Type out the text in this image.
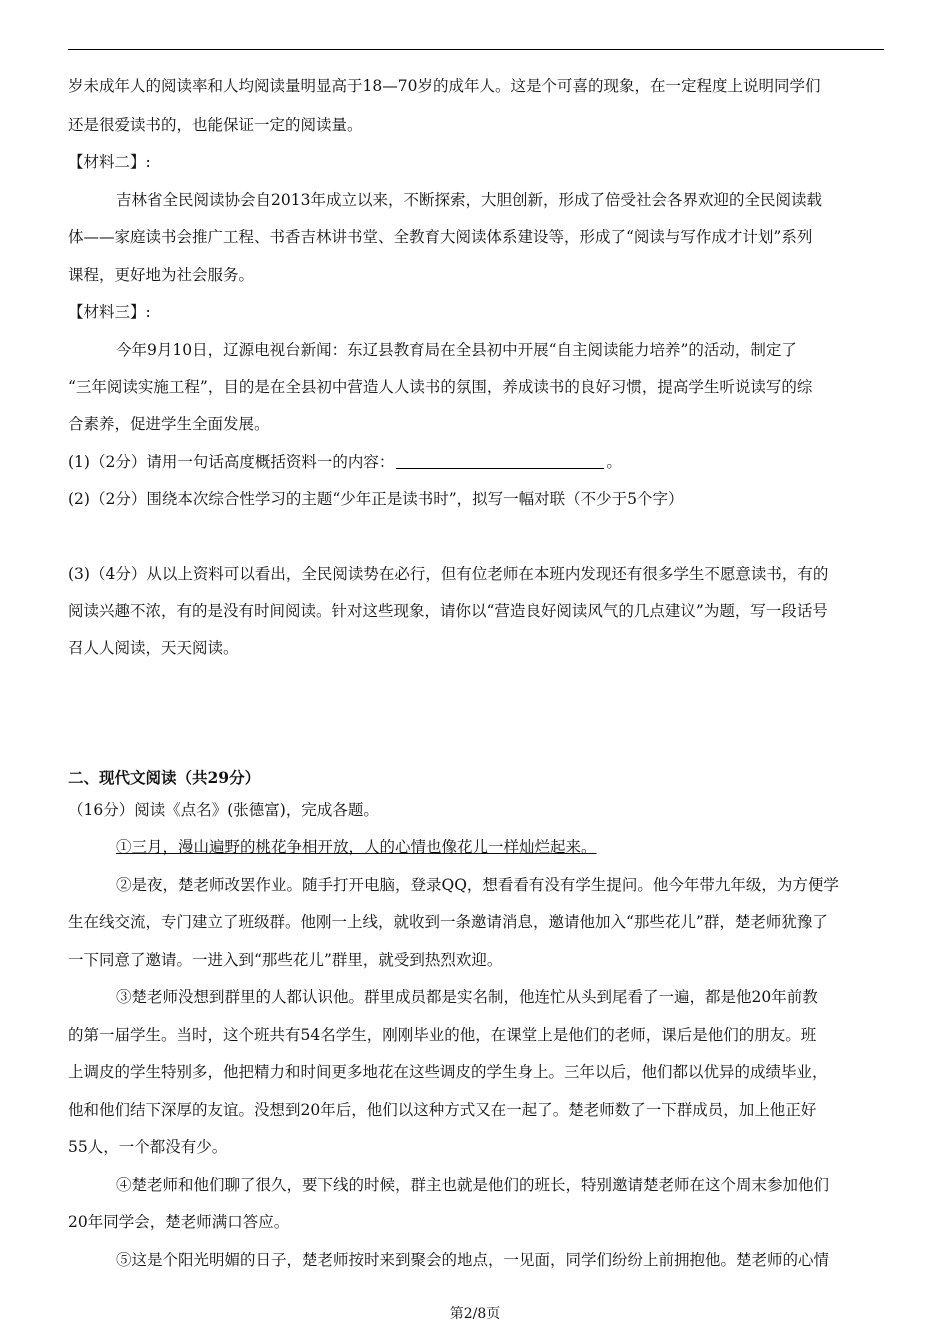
岁未成年人的阅读率和人均阅读量明显高于18—70岁的成年人。这是个可喜的现象，在一定程度上说明同学们
还是很爱读书的，也能保证一定的阅读量。
【材料二】:
吉林省全民阅读协会自2013年成立以来，不断探索，大胆创新，形成了倍受社会各界欢迎的全民阅读载
体——家庭读书会推广工程、书香吉林讲书堂、全教育大阅读体系建设等，形成了“阅读与写作成才计划”系列
课程，更好地为社会服务。
【材料三】:
今年9月10日，辽源电视台新闻：东辽县教育局在全县初中开展“自主阅读能力培养”的活动，制定了
“三年阅读实施工程”，目的是在全县初中营造人人读书的氛围，养成读书的良好习惯，提高学生听说读写的综
合素养，促进学生全面发展。
(1)（2分）请用一句话高度概括资料一的内容：	。
(2)（2分）围绕本次综合性学习的主题“少年正是读书时”，拟写一幅对联（不少于5个字）
(3)（4分）从以上资料可以看出，全民阅读势在必行，但有位老师在本班内发现还有很多学生不愿意读书，有的
阅读兴趣不浓，有的是没有时间阅读。针对这些现象，请你以“营造良好阅读风气的几点建议”为题，写一段话号
召人人阅读，天天阅读。
二、现代文阅读（共29分）
（16分）阅读《点名》(张德富)，完成各题。
①三月，漫山遍野的桃花争相开放，人的心情也像花儿一样灿烂起来。
②是夜，楚老师改罢作业。随手打开电脑，登录QQ，想看看有没有学生提问。他今年带九年级，为方便学
生在线交流，专门建立了班级群。他刚一上线，就收到一条邀请消息，邀请他加入“那些花儿”群，楚老师犹豫了
一下同意了邀请。一进入到“那些花儿”群里，就受到热烈欢迎。
③楚老师没想到群里的人都认识他。群里成员都是实名制，他连忙从头到尾看了一遍，都是他20年前教
的第一届学生。当时，这个班共有54名学生，刚刚毕业的他，在课堂上是他们的老师，课后是他们的朋友。班
上调皮的学生特别多，他把精力和时间更多地花在这些调皮的学生身上。三年以后，他们都以优异的成绩毕业，
他和他们结下深厚的友谊。没想到20年后，他们以这种方式又在一起了。楚老师数了一下群成员，加上他正好
55人，一个都没有少。
④楚老师和他们聊了很久，要下线的时候，群主也就是他们的班长，特别邀请楚老师在这个周末参加他们
20年同学会，楚老师满口答应。
⑤这是个阳光明媚的日子，楚老师按时来到聚会的地点，一见面，同学们纷纷上前拥抱他。楚老师的心情
第2/8页
